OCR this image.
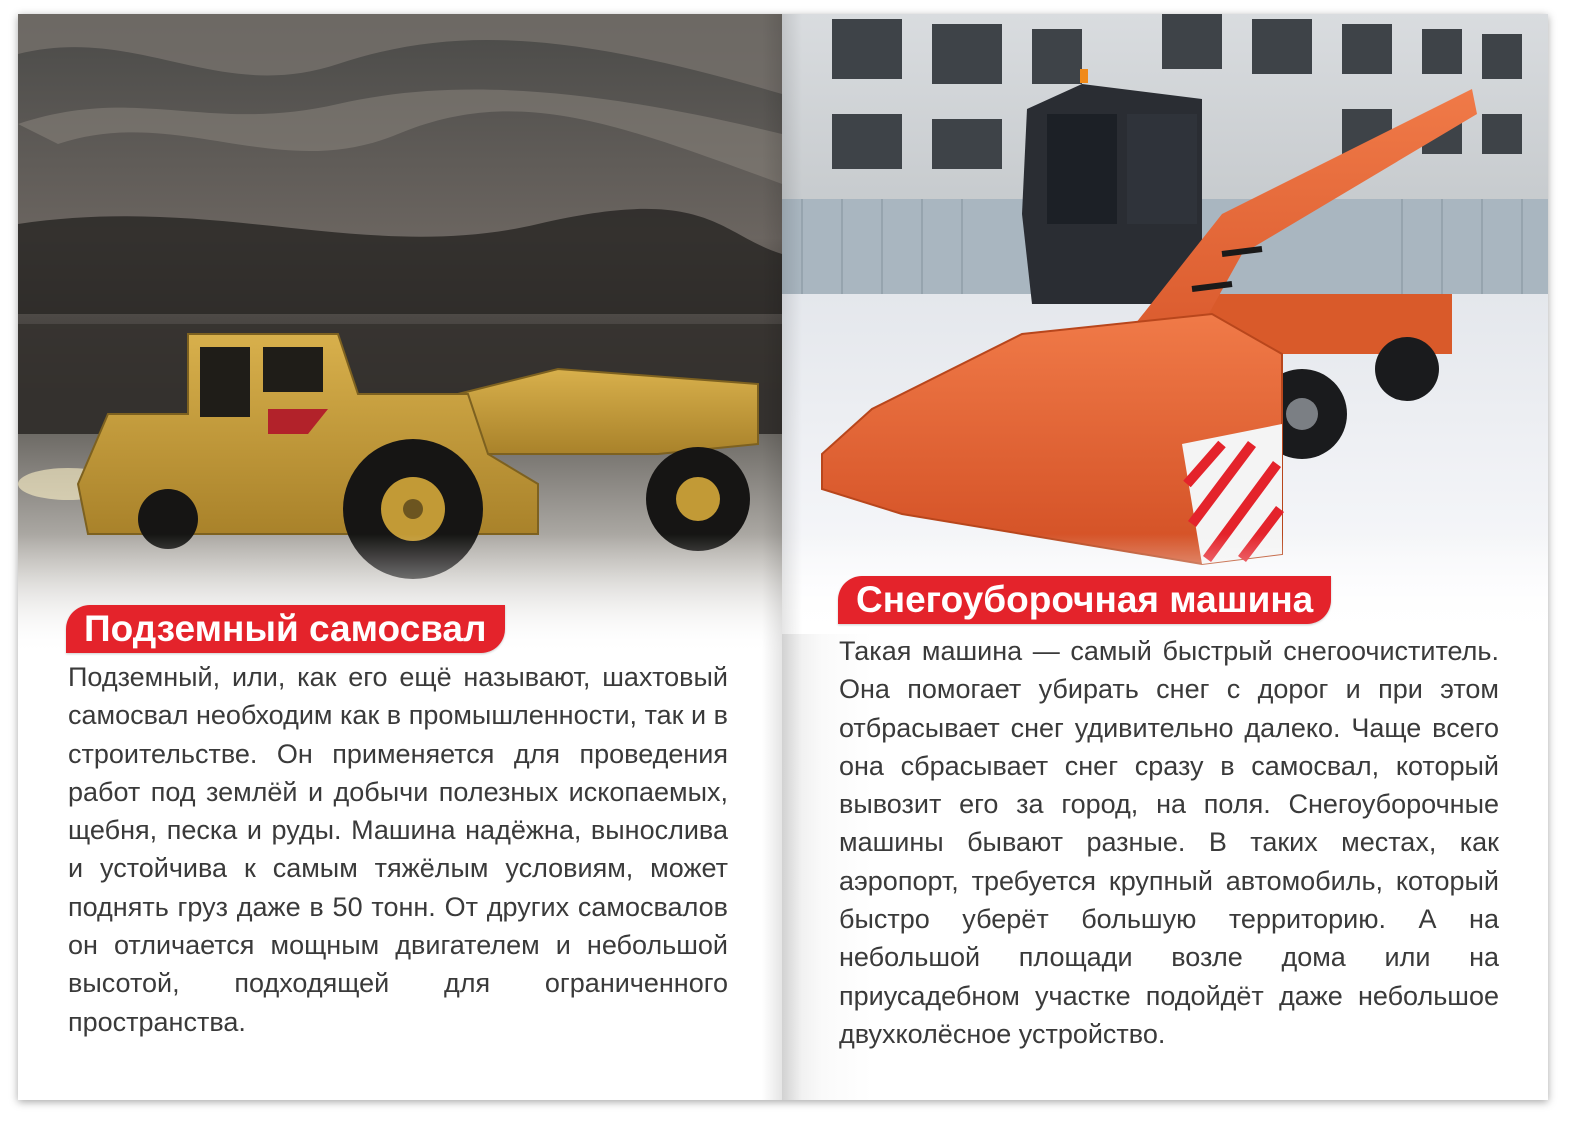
Подземный самосвал

Подземный, или, как его ещё называют, шахтовый самосвал необходим как в промышленности, так и в строительстве. Он применяется для проведения работ под землёй и добычи полезных ископаемых, щебня, песка и руды. Машина надёжна, вынослива и устойчива к самым тяжёлым условиям, может поднять груз даже в 50 тонн. От других самосвалов он отличается мощным двигателем и небольшой высотой, подходящей для ограниченного пространства.

Снегоуборочная машина

Такая машина — самый быстрый снегоочиститель. Она помогает убирать снег с дорог и при этом отбрасывает снег удивительно далеко. Чаще всего она сбрасывает снег сразу в самосвал, который вывозит его за город, на поля. Снегоуборочные машины бывают разные. В таких местах, как аэропорт, требуется крупный автомобиль, который быстро уберёт большую территорию. А на небольшой площади возле дома или на приусадебном участке подойдёт даже небольшое двухколёсное устройство.
